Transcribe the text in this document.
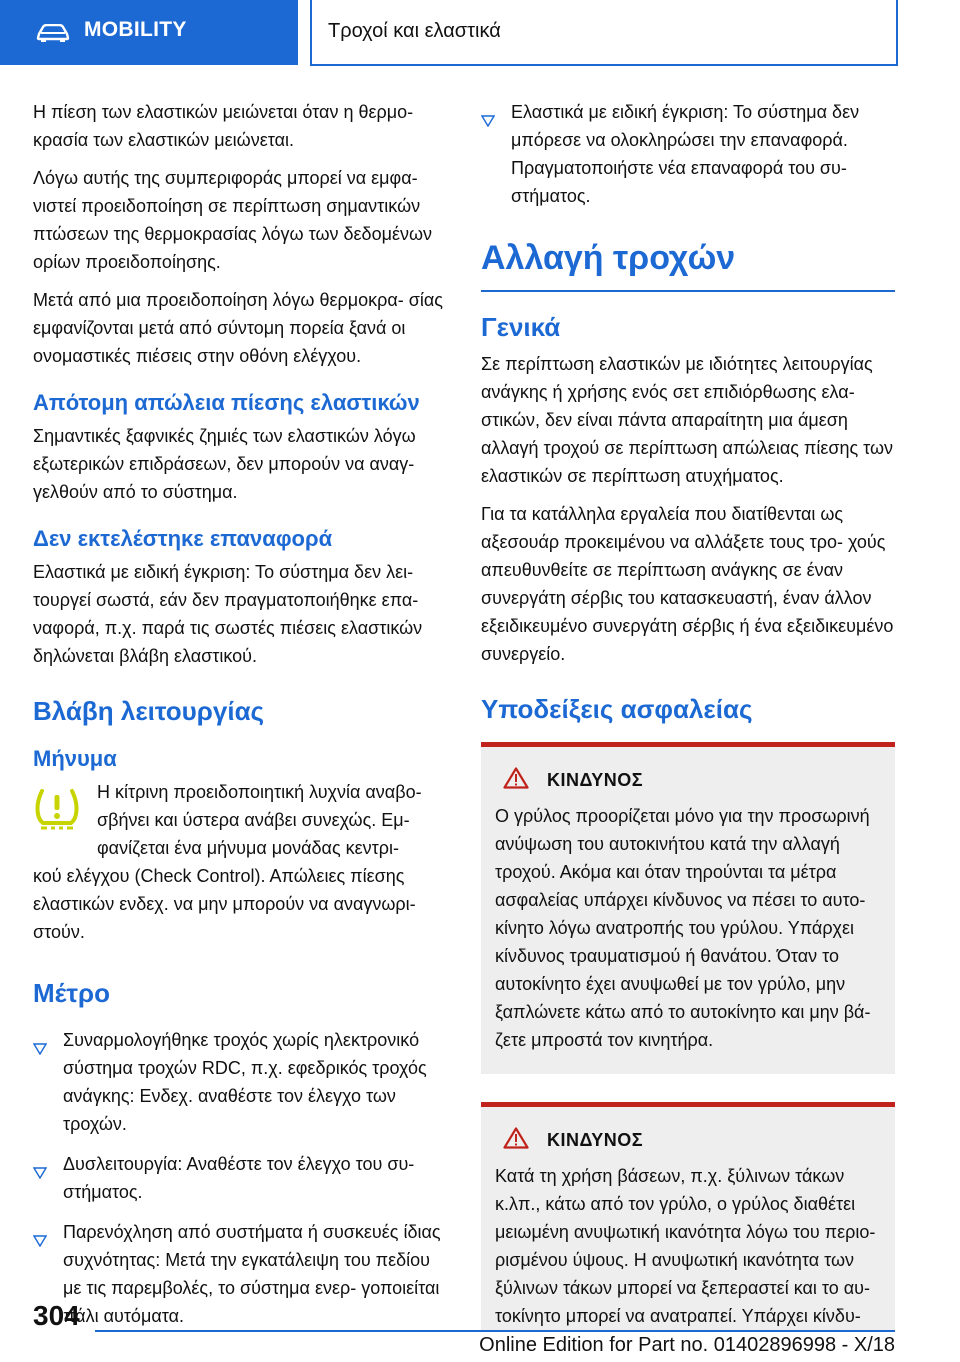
MOBILITY	Τροχοί και ελαστικά

Η πίεση των ελαστικών μειώνεται όταν η θερμο- κρασία των ελαστικών μειώνεται.

Λόγω αυτής της συμπεριφοράς μπορεί να εμφα- νιστεί προειδοποίηση σε περίπτωση σημαντικών πτώσεων της θερμοκρασίας λόγω των δεδομένων ορίων προειδοποίησης.

Μετά από μια προειδοποίηση λόγω θερμοκρα- σίας εμφανίζονται μετά από σύντομη πορεία ξανά οι ονομαστικές πιέσεις στην οθόνη ελέγχου.

Απότομη απώλεια πίεσης ελαστικών

Σημαντικές ξαφνικές ζημιές των ελαστικών λόγω εξωτερικών επιδράσεων, δεν μπορούν να αναγ- γελθούν από το σύστημα.

Δεν εκτελέστηκε επαναφορά

Ελαστικά με ειδική έγκριση: Το σύστημα δεν λει- τουργεί σωστά, εάν δεν πραγματοποιήθηκε επα- ναφορά, π.χ. παρά τις σωστές πιέσεις ελαστικών δηλώνεται βλάβη ελαστικού.

Βλάβη λειτουργίας
Μήνυμα

Η κίτρινη προειδοποιητική λυχνία αναβο- σβήνει και ύστερα ανάβει συνεχώς. Εμ- φανίζεται ένα μήνυμα μονάδας κεντρι-

κού ελέγχου (Check Control). Απώλειες πίεσης ελαστικών ενδεχ. να μην μπορούν να αναγνωρι- στούν.

Μέτρο
Συναρμολογήθηκε τροχός χωρίς ηλεκτρονικό σύστημα τροχών RDC, π.χ. εφεδρικός τροχός ανάγκης: Ενδεχ. αναθέστε τον έλεγχο των τροχών.
Δυσλειτουργία: Αναθέστε τον έλεγχο του συ- στήματος.
Παρενόχληση από συστήματα ή συσκευές ίδιας συχνότητας: Μετά την εγκατάλειψη του πεδίου με τις παρεμβολές, το σύστημα ενερ- γοποιείται πάλι αυτόματα.
Ελαστικά με ειδική έγκριση: Το σύστημα δεν μπόρεσε να ολοκληρώσει την επαναφορά. Πραγματοποιήστε νέα επαναφορά του συ- στήματος.
Αλλαγή τροχών
Γενικά

Σε περίπτωση ελαστικών με ιδιότητες λειτουργίας ανάγκης ή χρήσης ενός σετ επιδιόρθωσης ελα- στικών, δεν είναι πάντα απαραίτητη μια άμεση αλλαγή τροχού σε περίπτωση απώλειας πίεσης των ελαστικών σε περίπτωση ατυχήματος.

Για τα κατάλληλα εργαλεία που διατίθενται ως αξεσουάρ προκειμένου να αλλάξετε τους τρο- χούς απευθυνθείτε σε περίπτωση ανάγκης σε έναν συνεργάτη σέρβις του κατασκευαστή, έναν άλλον εξειδικευμένο συνεργάτη σέρβις ή ένα εξειδικευμένο συνεργείο.

Υποδείξεις ασφαλείας
ΚΙΝΔΥΝΟΣ

Ο γρύλος προορίζεται μόνο για την προσωρινή ανύψωση του αυτοκινήτου κατά την αλλαγή τροχού. Ακόμα και όταν τηρούνται τα μέτρα ασφαλείας υπάρχει κίνδυνος να πέσει το αυτο- κίνητο λόγω ανατροπής του γρύλου. Υπάρχει κίνδυνος τραυματισμού ή θανάτου. Όταν το αυτοκίνητο έχει ανυψωθεί με τον γρύλο, μην ξαπλώνετε κάτω από το αυτοκίνητο και μην βά- ζετε μπροστά τον κινητήρα.

ΚΙΝΔΥΝΟΣ

Κατά τη χρήση βάσεων, π.χ. ξύλινων τάκων κ.λπ., κάτω από τον γρύλο, ο γρύλος διαθέτει μειωμένη ανυψωτική ικανότητα λόγω του περιο- ρισμένου ύψους. Η ανυψωτική ικανότητα των ξύλινων τάκων μπορεί να ξεπεραστεί και το αυ- τοκίνητο μπορεί να ανατραπεί. Υπάρχει κίνδυ-

304
Online Edition for Part no. 01402896998 - X/18
